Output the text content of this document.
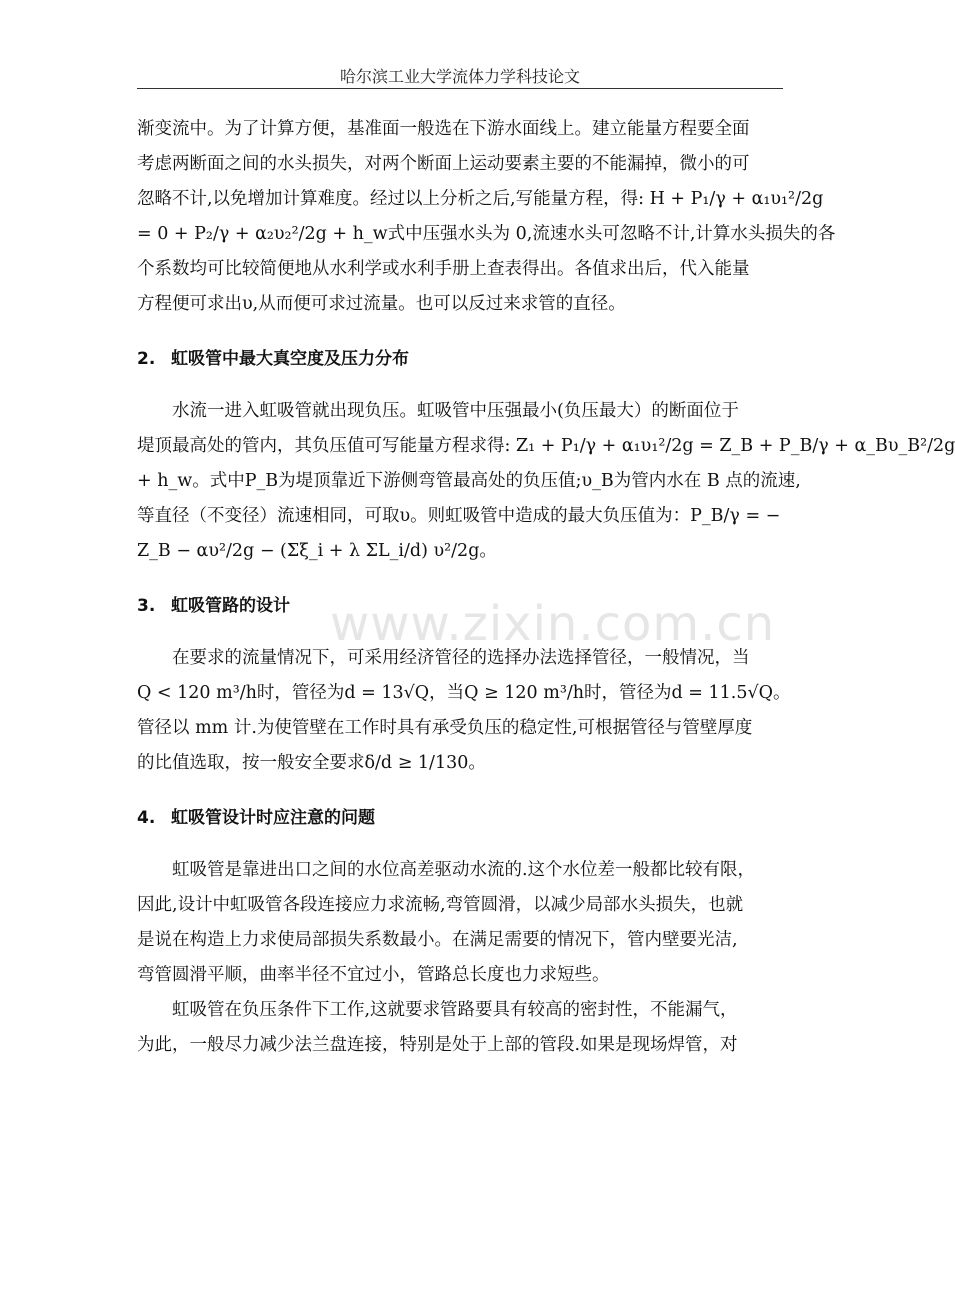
哈尔滨工业大学流体力学科技论文
www.zixin.com.cn
渐变流中。为了计算方便，基准面一般选在下游水面线上。建立能量方程要全面
考虑两断面之间的水头损失，对两个断面上运动要素主要的不能漏掉，微小的可
忽略不计,以免增加计算难度。经过以上分析之后,写能量方程，得: H + P₁/γ + α₁υ₁²/2g
= 0 + P₂/γ + α₂υ₂²/2g + h_w式中压强水头为 0,流速水头可忽略不计,计算水头损失的各
个系数均可比较简便地从水利学或水利手册上查表得出。各值求出后，代入能量
方程便可求出υ,从而便可求过流量。也可以反过来求管的直径。
2. 虹吸管中最大真空度及压力分布
水流一进入虹吸管就出现负压。虹吸管中压强最小(负压最大）的断面位于
堤顶最高处的管内，其负压值可写能量方程求得: Z₁ + P₁/γ + α₁υ₁²/2g = Z_B + P_B/γ + α_Bυ_B²/2g
+ h_w。式中P_B为堤顶靠近下游侧弯管最高处的负压值;υ_B为管内水在 B 点的流速,
等直径（不变径）流速相同，可取υ。则虹吸管中造成的最大负压值为：P_B/γ = −
Z_B − αυ²/2g − (Σξ_i + λ ΣL_i/d) υ²/2g。
3. 虹吸管路的设计
在要求的流量情况下，可采用经济管径的选择办法选择管径，一般情况，当
Q < 120 m³/h时，管径为d = 13√Q，当Q ≥ 120 m³/h时，管径为d = 11.5√Q。
管径以 mm 计.为使管壁在工作时具有承受负压的稳定性,可根据管径与管壁厚度
的比值选取，按一般安全要求δ/d ≥ 1/130。
4. 虹吸管设计时应注意的问题
虹吸管是靠进出口之间的水位高差驱动水流的.这个水位差一般都比较有限，
因此,设计中虹吸管各段连接应力求流畅,弯管圆滑，以减少局部水头损失，也就
是说在构造上力求使局部损失系数最小。在满足需要的情况下，管内壁要光洁,
弯管圆滑平顺，曲率半径不宜过小，管路总长度也力求短些。
虹吸管在负压条件下工作,这就要求管路要具有较高的密封性，不能漏气，
为此，一般尽力减少法兰盘连接，特别是处于上部的管段.如果是现场焊管，对
